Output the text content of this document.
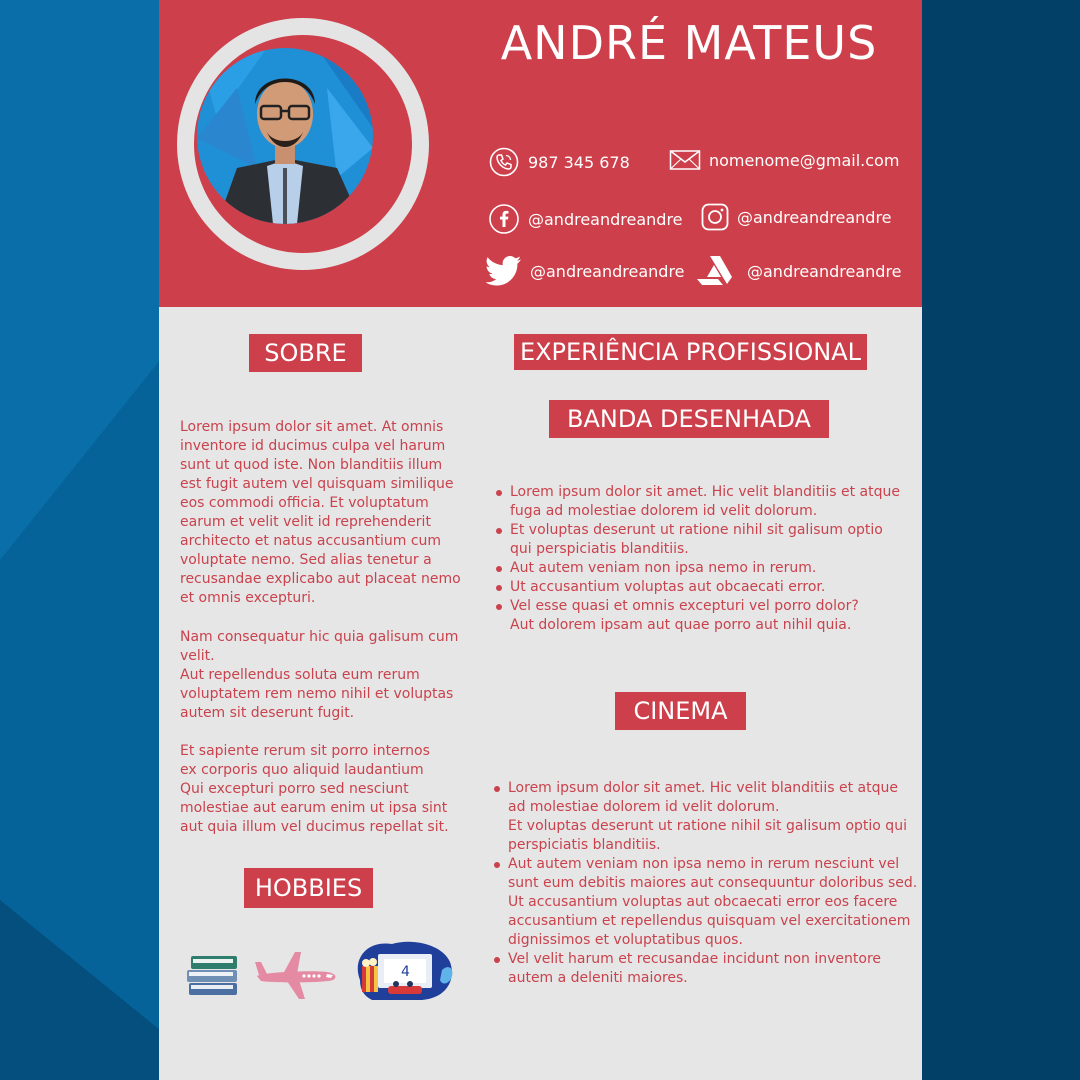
ANDRÉ MATEUS
987 345 678	nomenome@gmail.com
@andreandreandre	@andreandreandre
@andreandreandre	@andreandreandre
SOBRE
Lorem ipsum dolor sit amet. At omnis
inventore id ducimus culpa vel harum
sunt ut quod iste. Non blanditiis illum
est fugit autem vel quisquam similique
eos commodi officia. Et voluptatum
earum et velit velit id reprehenderit
architecto et natus accusantium cum
voluptate nemo. Sed alias tenetur a
recusandae explicabo aut placeat nemo
et omnis excepturi.
Nam consequatur hic quia galisum cum
velit.
Aut repellendus soluta eum rerum
voluptatem rem nemo nihil et voluptas
autem sit deserunt fugit.
Et sapiente rerum sit porro internos
ex corporis quo aliquid laudantium
Qui excepturi porro sed nesciunt
molestiae aut earum enim ut ipsa sint
aut quia illum vel ducimus repellat sit.
HOBBIES
4
EXPERIÊNCIA PROFISSIONAL
BANDA DESENHADA
Lorem ipsum dolor sit amet. Hic velit blanditiis et atque
fuga ad molestiae dolorem id velit dolorum.
Et voluptas deserunt ut ratione nihil sit galisum optio
qui perspiciatis blanditiis.
Aut autem veniam non ipsa nemo in rerum.
Ut accusantium voluptas aut obcaecati error.
Vel esse quasi et omnis excepturi vel porro dolor?
Aut dolorem ipsam aut quae porro aut nihil quia.
CINEMA
Lorem ipsum dolor sit amet. Hic velit blanditiis et atque
ad molestiae dolorem id velit dolorum.
Et voluptas deserunt ut ratione nihil sit galisum optio qui
perspiciatis blanditiis.
Aut autem veniam non ipsa nemo in rerum nesciunt vel
sunt eum debitis maiores aut consequuntur doloribus sed.
Ut accusantium voluptas aut obcaecati error eos facere
accusantium et repellendus quisquam vel exercitationem
dignissimos et voluptatibus quos.
Vel velit harum et recusandae incidunt non inventore
autem a deleniti maiores.
